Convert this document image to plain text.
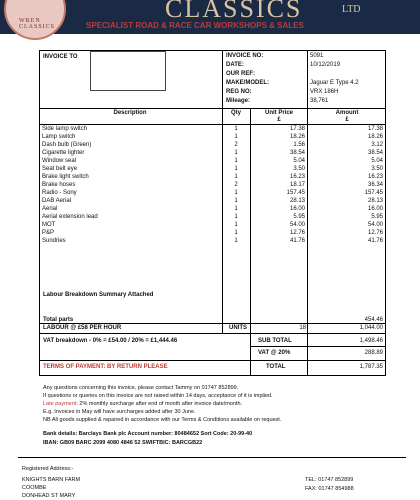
WREN CLASSICS
CLASSICS	LTD
SPECIALIST ROAD & RACE CAR WORKSHOPS & SALES
INVOICE TO	INVOICE NO:	5091
DATE:	10/12/2019
OUR REF:
MAKE/MODEL:	Jaguar E Type 4.2
REG NO:	VRX 186H
Mileage:	38,761
Description	Qty	Unit Price
£
Amount
£
Side lamp switch	1	17.38	17.38
Lamp switch	1	18.26	18.26
Dash bulb (Green)	2	1.56	3.12
Cigarette lighter	1	38.54	38.54
Window seal	1	5.04	5.04
Seat belt eye	1	3.50	3.50
Brake light switch	1	16.23	16.23
Brake hoses	2	18.17	36.34
Radio - Sony	1	157.45	157.45
DAB Aerial	1	28.13	28.13
Aerial	1	16.00	16.00
Aerial extension lead	1	5.95	5.95
MOT	1	54.00	54.00
P&P	1	12.76	12.76
Sundries	1	41.76	41.76
Labour Breakdown Summary Attached
Total parts	454.46
LABOUR @ £58 PER HOUR	UNITS	18	1,044.00
VAT breakdown - 0% = £54.00 / 20% = £1,444.46	SUB TOTAL	1,498.46
VAT @ 20%	288.89
TERMS OF PAYMENT: BY RETURN PLEASE	TOTAL	1,787.35
Any questions concerning this invoice, please contact Tammy on 01747 852899.
If questions or queries on this invoice are not raised within 14 days, acceptance of it is implied.
Late payment: 2% monthly surcharge after end of month after invoice date/month.
E.g. Invoices in May will have surcharges added after 30 June.
NB All goods supplied & repaired in accordance with our Terms & Conditions available on request.
Bank details: Barclays Bank plc Account number: 80484652 Sort Code: 20-99-40
IBAN: GB09 BARC 2099 4080 4846 52 SWIFTBIC: BARCGB22
Registered Address:-
KNIGHTS BARN FARM
COOMBE
DONHEAD ST MARY
TEL: 01747 852899
FAX: 01747 854988
